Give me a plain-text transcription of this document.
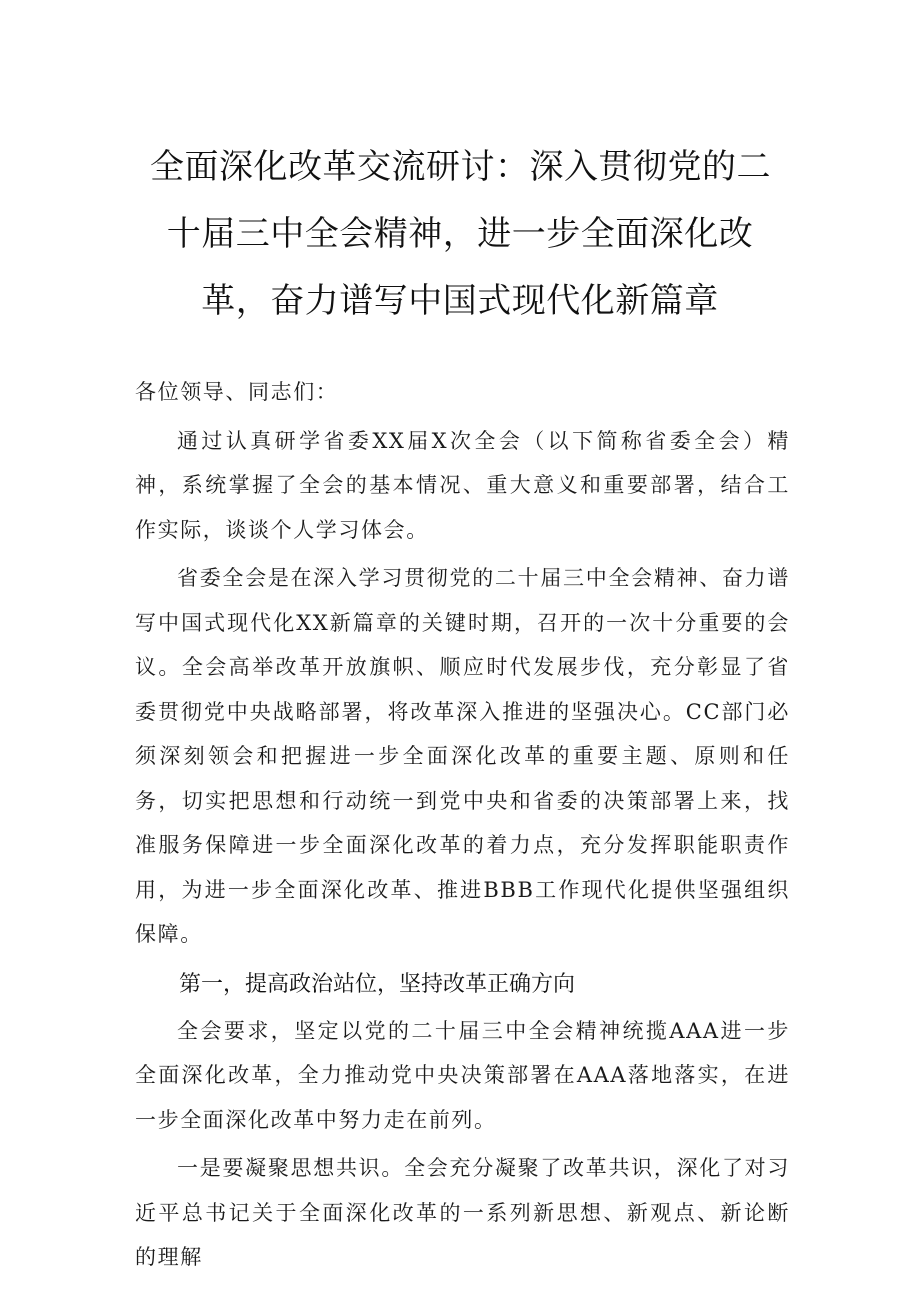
全面深化改革交流研讨：深入贯彻党的二
十届三中全会精神，进一步全面深化改
革，奋力谱写中国式现代化新篇章

各位领导、同志们：

通过认真研学省委XX届X次全会（以下简称省委全会）精神，系统掌握了全会的基本情况、重大意义和重要部署，结合工作实际，谈谈个人学习体会。

省委全会是在深入学习贯彻党的二十届三中全会精神、奋力谱写中国式现代化XX新篇章的关键时期，召开的一次十分重要的会议。全会高举改革开放旗帜、顺应时代发展步伐，充分彰显了省委贯彻党中央战略部署，将改革深入推进的坚强决心。CC部门必须深刻领会和把握进一步全面深化改革的重要主题、原则和任务，切实把思想和行动统一到党中央和省委的决策部署上来，找准服务保障进一步全面深化改革的着力点，充分发挥职能职责作用，为进一步全面深化改革、推进BBB工作现代化提供坚强组织保障。

第一，提高政治站位，坚持改革正确方向

全会要求，坚定以党的二十届三中全会精神统揽AAA进一步全面深化改革，全力推动党中央决策部署在AAA落地落实，在进一步全面深化改革中努力走在前列。

一是要凝聚思想共识。全会充分凝聚了改革共识，深化了对习近平总书记关于全面深化改革的一系列新思想、新观点、新论断的理解
